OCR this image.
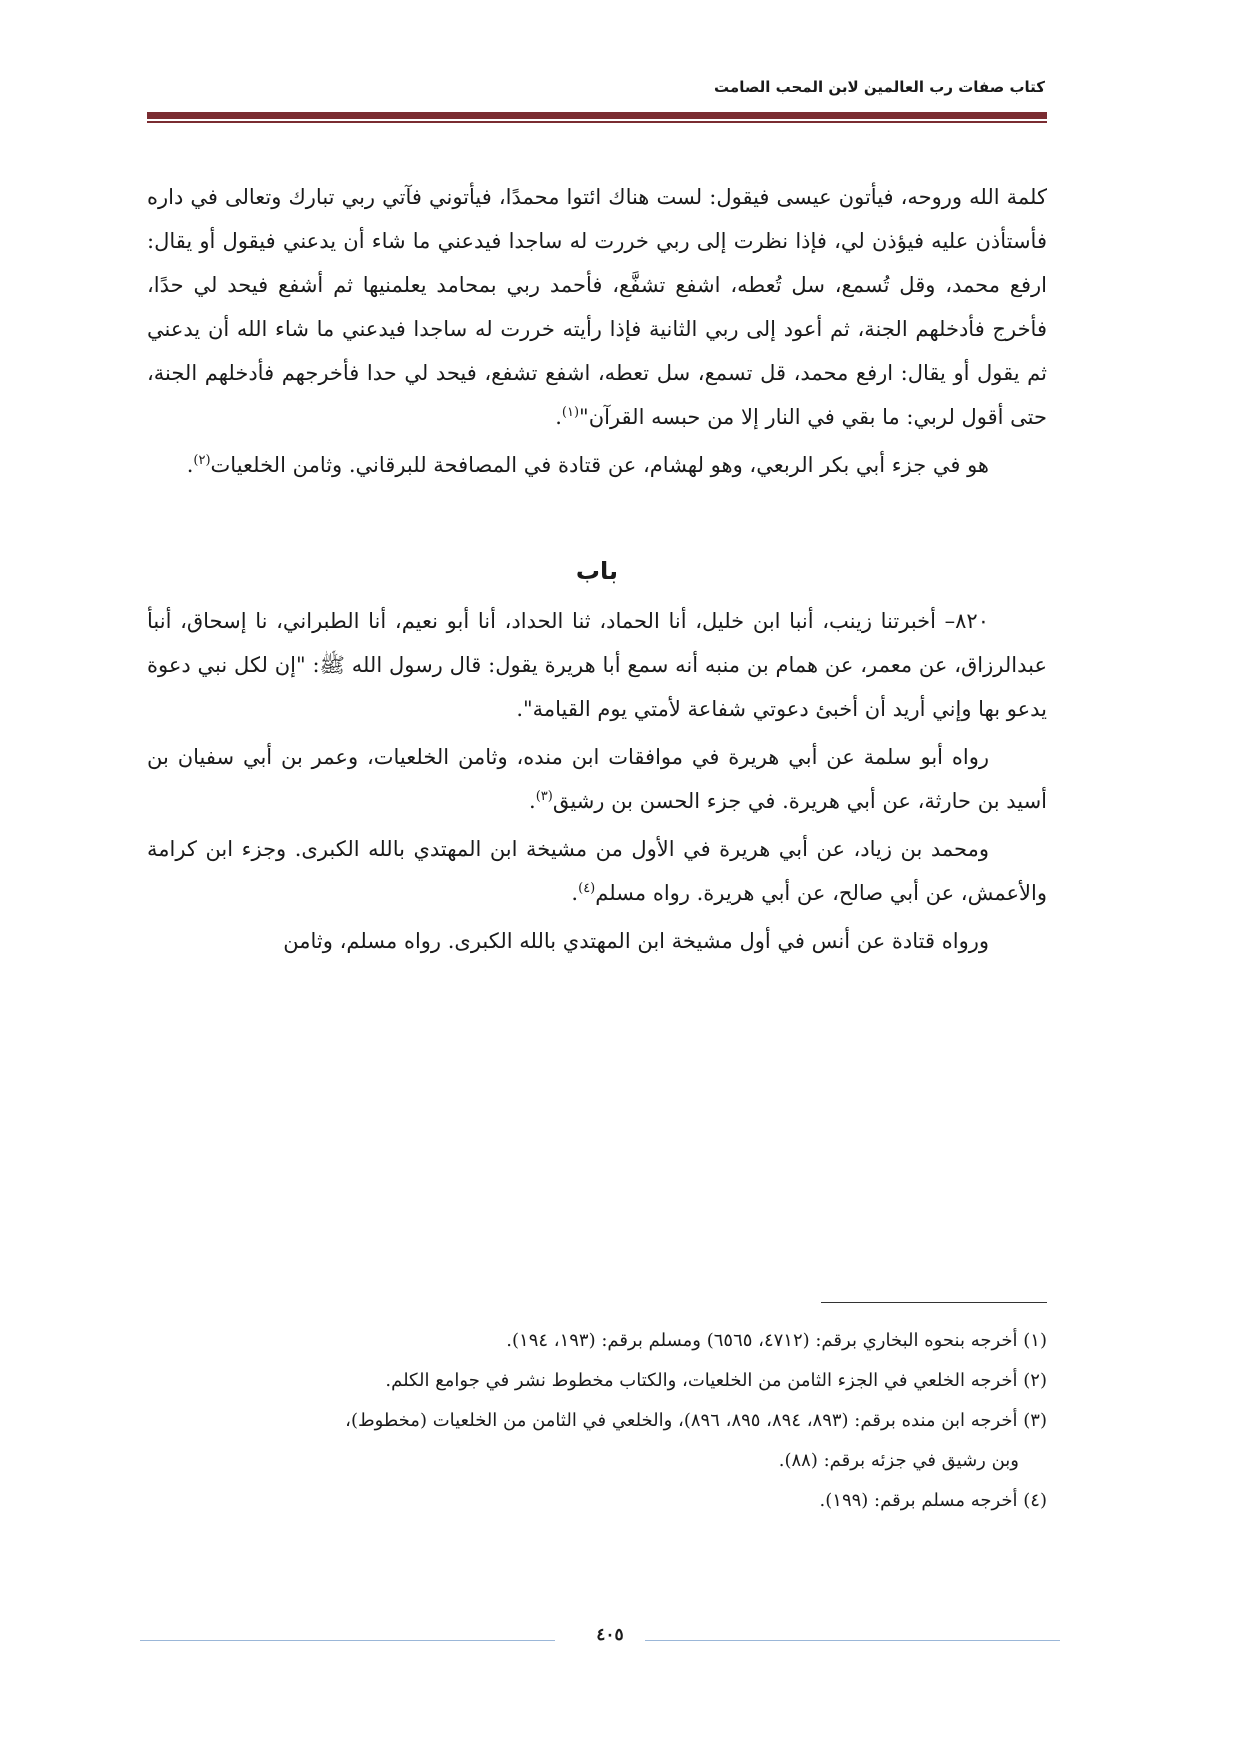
كتاب صفات رب العالمين لابن المحب الصامت

كلمة الله وروحه، فيأتون عيسى فيقول: لست هناك ائتوا محمدًا، فيأتوني فآتي ربي تبارك وتعالى في داره فأستأذن عليه فيؤذن لي، فإذا نظرت إلى ربي خررت له ساجدا فيدعني ما شاء أن يدعني فيقول أو يقال: ارفع محمد، وقل تُسمع، سل تُعطه، اشفع تشفَّع، فأحمد ربي بمحامد يعلمنيها ثم أشفع فيحد لي حدًا، فأخرج فأدخلهم الجنة، ثم أعود إلى ربي الثانية فإذا رأيته خررت له ساجدا فيدعني ما شاء الله أن يدعني ثم يقول أو يقال: ارفع محمد، قل تسمع، سل تعطه، اشفع تشفع، فيحد لي حدا فأخرجهم فأدخلهم الجنة، حتى أقول لربي: ما بقي في النار إلا من حبسه القرآن"$^{(١)}$.

هو في جزء أبي بكر الربعي، وهو لهشام، عن قتادة في المصافحة للبرقاني. وثامن الخلعيات$^{(٢)}$.

باب

٨٢٠– أخبرتنا زينب، أنبا ابن خليل، أنا الحماد، ثنا الحداد، أنا أبو نعيم، أنا الطبراني، نا إسحاق، أنبأ عبدالرزاق، عن معمر، عن همام بن منبه أنه سمع أبا هريرة يقول: قال رسول الله ﷺ: "إن لكل نبي دعوة يدعو بها وإني أريد أن أخبئ دعوتي شفاعة لأمتي يوم القيامة".

رواه أبو سلمة عن أبي هريرة في موافقات ابن منده، وثامن الخلعيات، وعمر بن أبي سفيان بن أسيد بن حارثة، عن أبي هريرة. في جزء الحسن بن رشيق$^{(٣)}$.

ومحمد بن زياد، عن أبي هريرة في الأول من مشيخة ابن المهتدي بالله الكبرى. وجزء ابن كرامة والأعمش، عن أبي صالح، عن أبي هريرة. رواه مسلم$^{(٤)}$.

ورواه قتادة عن أنس في أول مشيخة ابن المهتدي بالله الكبرى. رواه مسلم، وثامن

(١) أخرجه بنحوه البخاري برقم: (٤٧١٢، ٦٥٦٥) ومسلم برقم: (١٩٣، ١٩٤).

(٢) أخرجه الخلعي في الجزء الثامن من الخلعيات، والكتاب مخطوط نشر في جوامع الكلم.

(٣) أخرجه ابن منده برقم: (٨٩٣، ٨٩٤، ٨٩٥، ٨٩٦)، والخلعي في الثامن من الخلعيات (مخطوط)،

وبن رشيق في جزئه برقم: (٨٨).

(٤) أخرجه مسلم برقم: (١٩٩).

٤٠٥
